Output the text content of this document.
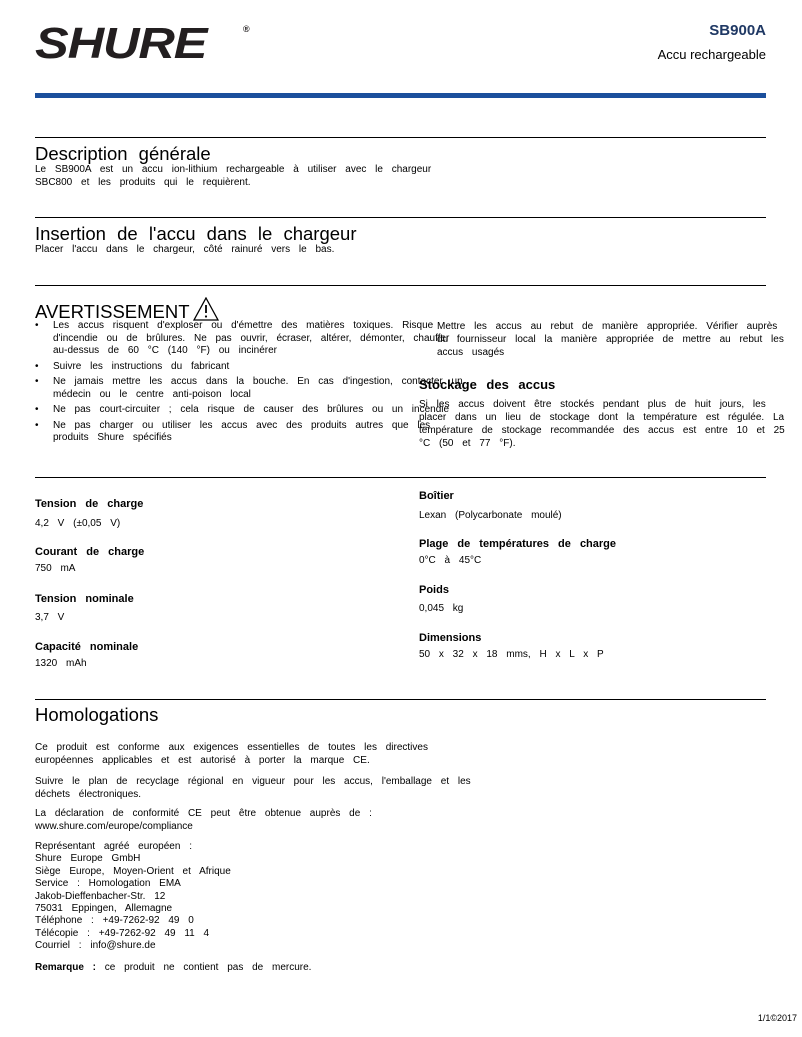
SHURE	®	SB900A
Accu rechargeable
Description générale
Le SB900A est un accu ion-lithium rechargeable à utiliser avec le chargeur SBC800 et les produits qui le requièrent.
Insertion de l'accu dans le chargeur
Placer l'accu dans le chargeur, côté rainuré vers le bas.
AVERTISSEMENT
• Les accus risquent d'exploser ou d'émettre des matières toxiques. Risque d'incendie ou de brûlures. Ne pas ouvrir, écraser, altérer, démonter, chauffer au-dessus de 60 °C (140 °F) ou incinérer
• Suivre les instructions du fabricant
• Ne jamais mettre les accus dans la bouche. En cas d'ingestion, contacter un médecin ou le centre anti-poison local
• Ne pas court-circuiter ; cela risque de causer des brûlures ou un incendie
• Ne pas charger ou utiliser les accus avec des produits autres que les produits Shure spécifiés
Mettre les accus au rebut de manière appropriée. Vérifier auprès du fournisseur local la manière appropriée de mettre au rebut les accus usagés
Stockage des accus
Si les accus doivent être stockés pendant plus de huit jours, les placer dans un lieu de stockage dont la température est régulée. La température de stockage recommandée des accus est entre 10 et 25 °C (50 et 77 °F).
Tension de charge
4,2 V (±0,05 V)
Courant de charge
750 mA
Tension nominale
3,7 V
Capacité nominale
1320 mAh
Boîtier
Lexan (Polycarbonate moulé)
Plage de températures de charge
0°C à 45°C
Poids
0,045 kg
Dimensions
50 x 32 x 18 mms, H x L x P
Homologations
Ce produit est conforme aux exigences essentielles de toutes les directives européennes applicables et est autorisé à porter la marque CE.
Suivre le plan de recyclage régional en vigueur pour les accus, l'emballage et les déchets électroniques.
La déclaration de conformité CE peut être obtenue auprès de : www.shure.com/europe/compliance
Représentant agréé européen :
Shure Europe GmbH
Siège Europe, Moyen-Orient et Afrique
Service : Homologation EMA
Jakob-Dieffenbacher-Str. 12
75031 Eppingen, Allemagne
Téléphone : +49-7262-92 49 0
Télécopie : +49-7262-92 49 11 4
Courriel : info@shure.de
Remarque : ce produit ne contient pas de mercure.
1/1©2017
